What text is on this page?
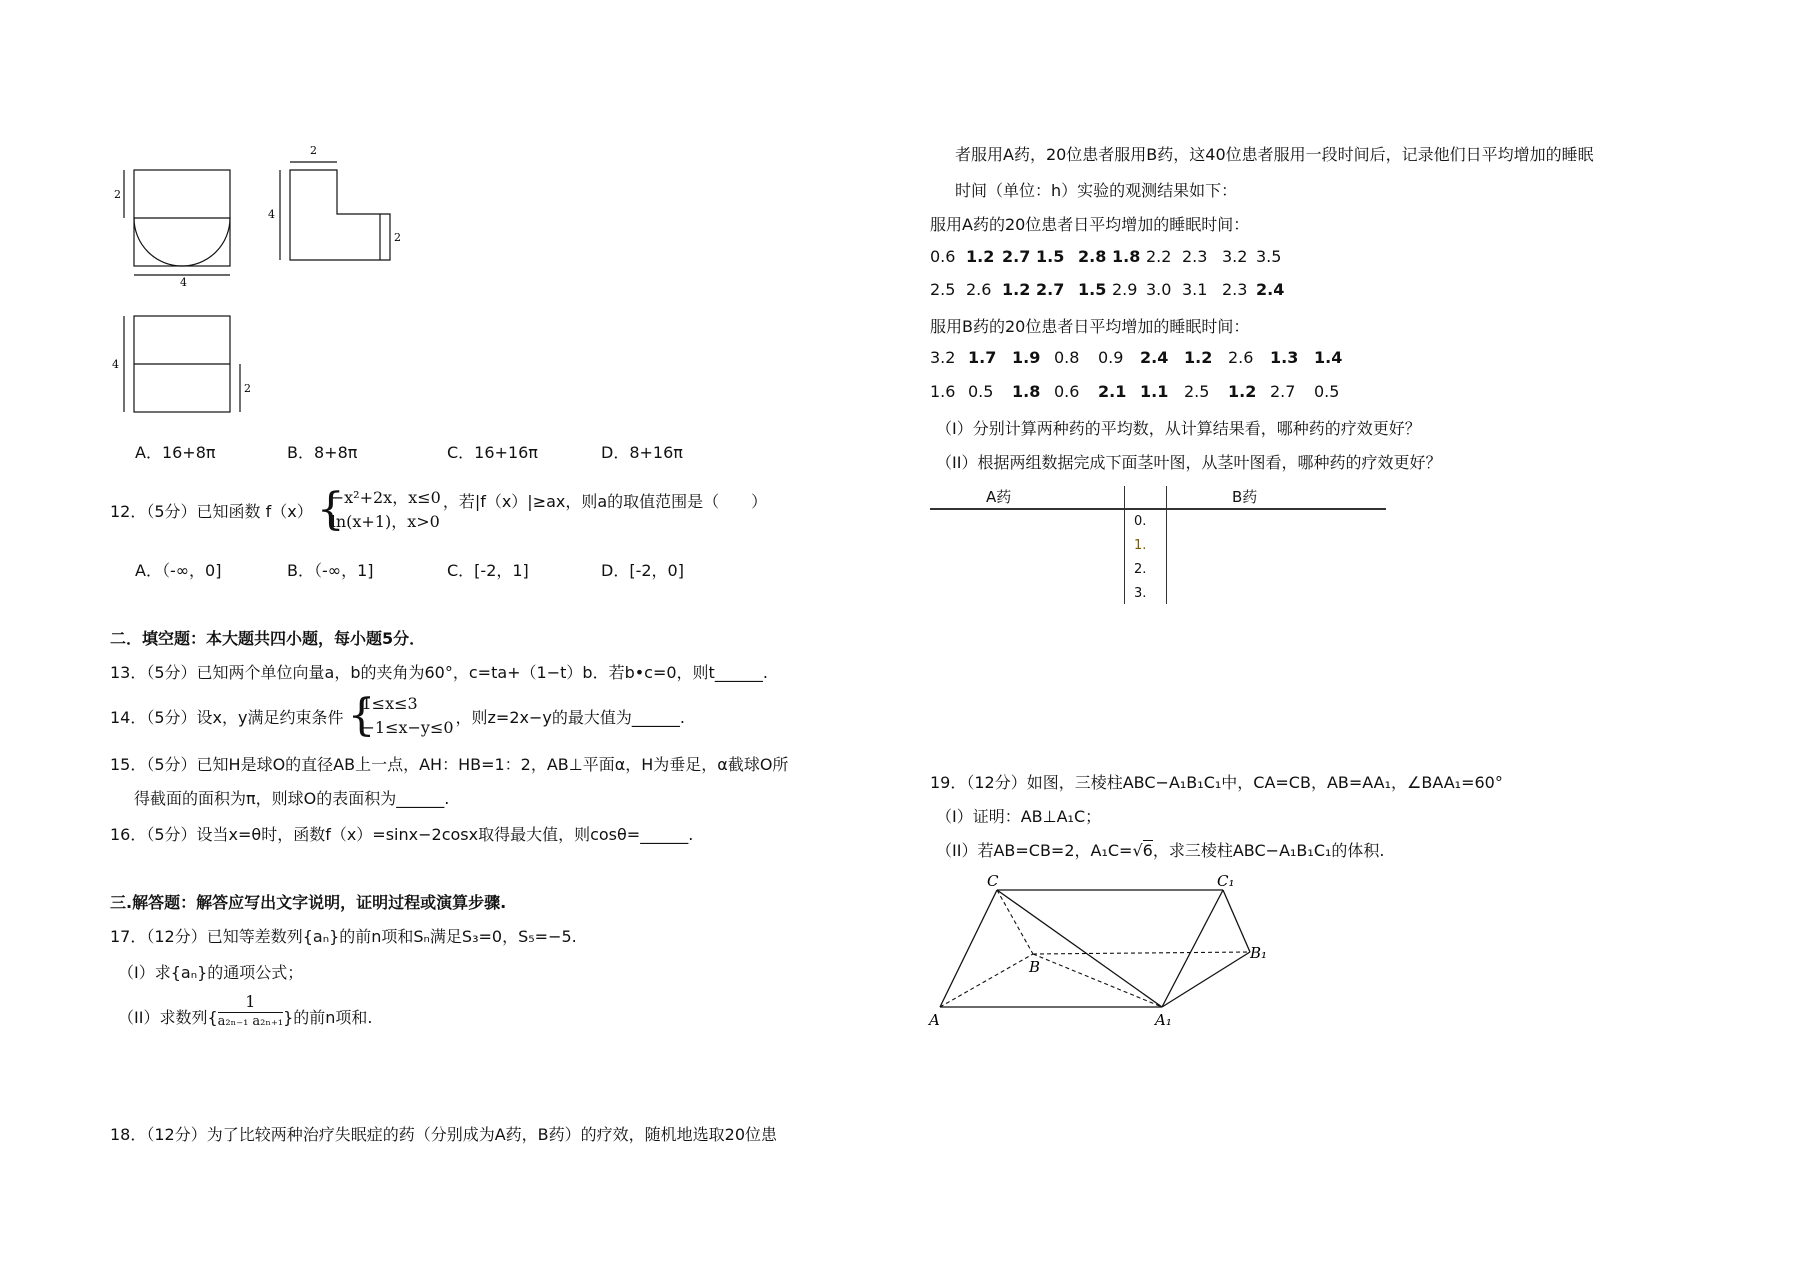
2
4
2
4
2
4
2
A．16+8π	B．8+8π	C．16+16π	D．8+16π
12．（5分）已知函数 f（x） {
−x²+2x，x≤0
ln(x+1)，x>0
，若|f（x）|≥ax，则a的取值范围是（　　）
A．（-∞，0]	B．（-∞，1]	C．[-2，1]	D．[-2，0]
二．填空题：本大题共四小题，每小题5分．
13．（5分）已知两个单位向量a，b的夹角为60°，c=ta+（1−t）b．若b•c=0，则t______.
14．（5分）设x，y满足约束条件 {
1≤x≤3
−1≤x−y≤0
，则z=2x−y的最大值为______.
15．（5分）已知H是球O的直径AB上一点，AH：HB=1：2，AB⊥平面α，H为垂足，α截球O所
得截面的面积为π，则球O的表面积为______.
16．（5分）设当x=θ时，函数f（x）=sinx−2cosx取得最大值，则cosθ=______.
三.解答题：解答应写出文字说明，证明过程或演算步骤.
17．（12分）已知等差数列{aₙ}的前n项和Sₙ满足S₃=0，S₅=−5.
（I）求{aₙ}的通项公式；
（II）求数列{ $\frac{1}{\text{a₂ₙ₋₁ a₂ₙ₊₁}}$ }的前n项和.
18．（12分）为了比较两种治疗失眠症的药（分别成为A药，B药）的疗效，随机地选取20位患
者服用A药，20位患者服用B药，这40位患者服用一段时间后，记录他们日平均增加的睡眠
时间（单位：h）实验的观测结果如下：
服用A药的20位患者日平均增加的睡眠时间：
0.6 1.2 2.7 1.5 2.8 1.8 2.2 2.3 3.2 3.5
2.5 2.6 1.2 2.7 1.5 2.9 3.0 3.1 2.3 2.4
服用B药的20位患者日平均增加的睡眠时间：
3.2 1.7 1.9 0.8 0.9 2.4 1.2 2.6 1.3 1.4
1.6 0.5 1.8 0.6 2.1 1.1 2.5 1.2 2.7 0.5
（I）分别计算两种药的平均数，从计算结果看，哪种药的疗效更好？
（II）根据两组数据完成下面茎叶图，从茎叶图看，哪种药的疗效更好？
A药	B药
0.
1.
2.
3.
19．（12分）如图，三棱柱ABC−A₁B₁C₁中，CA=CB，AB=AA₁，∠BAA₁=60°
（I）证明：AB⊥A₁C；
（II）若AB=CB=2，A₁C=√6，求三棱柱ABC−A₁B₁C₁的体积.
C	C₁
B
B₁
A	A₁
